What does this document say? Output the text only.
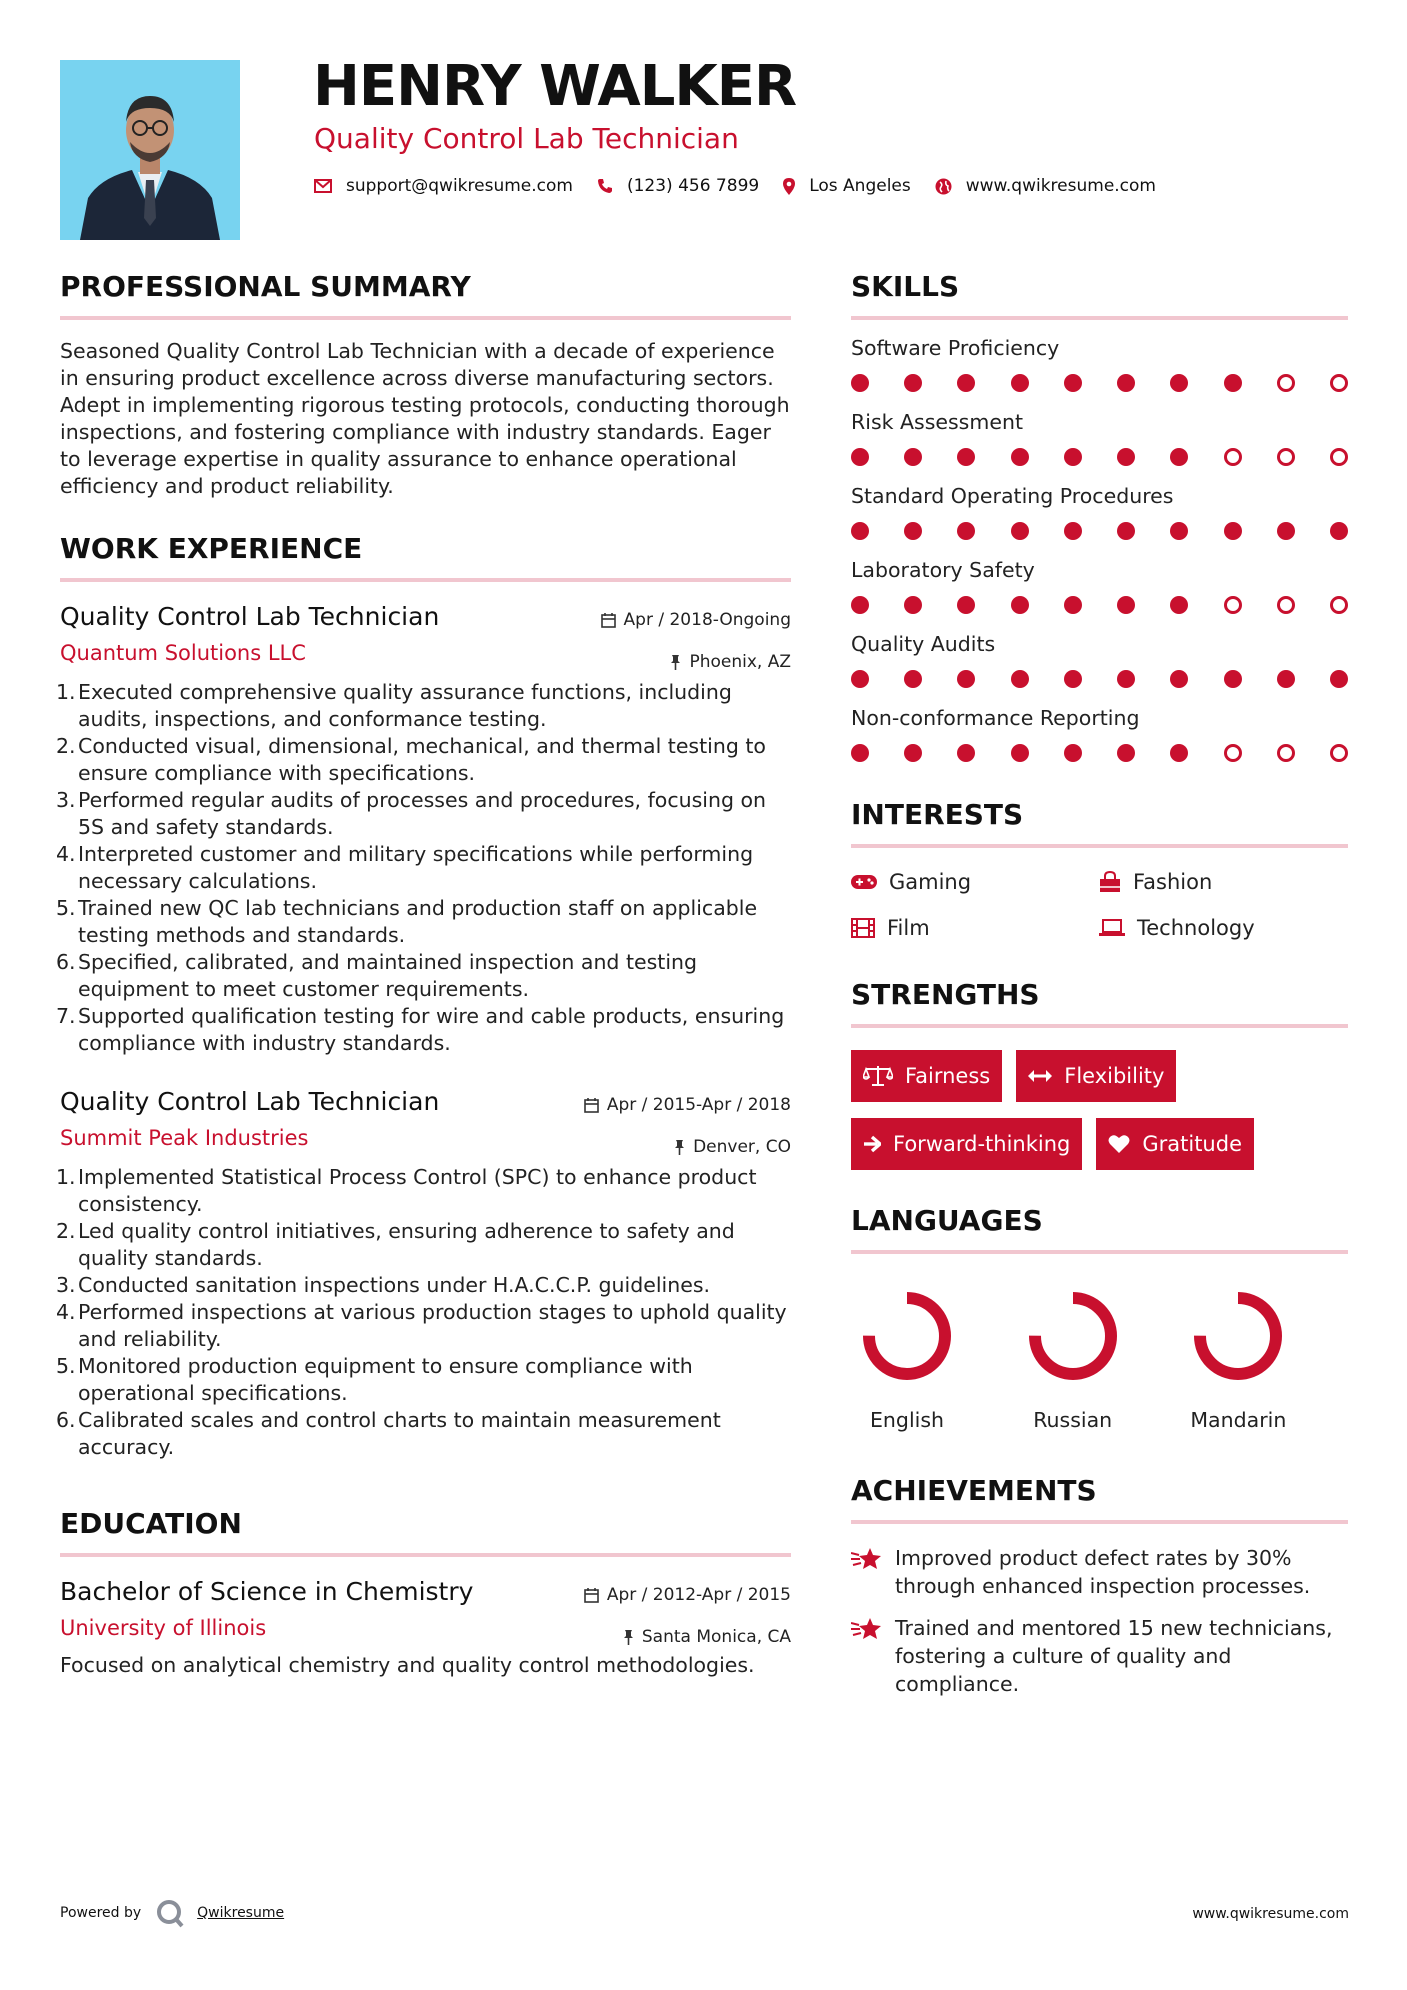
HENRY WALKER
Quality Control Lab Technician
support@qwikresume.com	(123) 456 7899	Los Angeles	www.qwikresume.com
PROFESSIONAL SUMMARY
Seasoned Quality Control Lab Technician with a decade of experience in ensuring product excellence across diverse manufacturing sectors. Adept in implementing rigorous testing protocols, conducting thorough inspections, and fostering compliance with industry standards. Eager to leverage expertise in quality assurance to enhance operational efficiency and product reliability.
WORK EXPERIENCE
Quality Control Lab Technician	Apr / 2018-Ongoing
Quantum Solutions LLC	Phoenix, AZ
1. Executed comprehensive quality assurance functions, including audits, inspections, and conformance testing.
2. Conducted visual, dimensional, mechanical, and thermal testing to ensure compliance with specifications.
3. Performed regular audits of processes and procedures, focusing on 5S and safety standards.
4. Interpreted customer and military specifications while performing necessary calculations.
5. Trained new QC lab technicians and production staff on applicable testing methods and standards.
6. Specified, calibrated, and maintained inspection and testing equipment to meet customer requirements.
7. Supported qualification testing for wire and cable products, ensuring compliance with industry standards.
Quality Control Lab Technician	Apr / 2015-Apr / 2018
Summit Peak Industries	Denver, CO
1. Implemented Statistical Process Control (SPC) to enhance product consistency.
2. Led quality control initiatives, ensuring adherence to safety and quality standards.
3. Conducted sanitation inspections under H.A.C.C.P. guidelines.
4. Performed inspections at various production stages to uphold quality and reliability.
5. Monitored production equipment to ensure compliance with operational specifications.
6. Calibrated scales and control charts to maintain measurement accuracy.
EDUCATION
Bachelor of Science in Chemistry	Apr / 2012-Apr / 2015
University of Illinois	Santa Monica, CA
Focused on analytical chemistry and quality control methodologies.
SKILLS
Software Proficiency
Risk Assessment
Standard Operating Procedures
Laboratory Safety
Quality Audits
Non-conformance Reporting
INTERESTS
Gaming	Fashion
Film	Technology
STRENGTHS
Fairness	Flexibility
Forward-thinking	Gratitude
LANGUAGES
English	Russian	Mandarin
ACHIEVEMENTS
Improved product defect rates by 30% through enhanced inspection processes.
Trained and mentored 15 new technicians, fostering a culture of quality and compliance.
Powered by	Qwikresume	www.qwikresume.com
